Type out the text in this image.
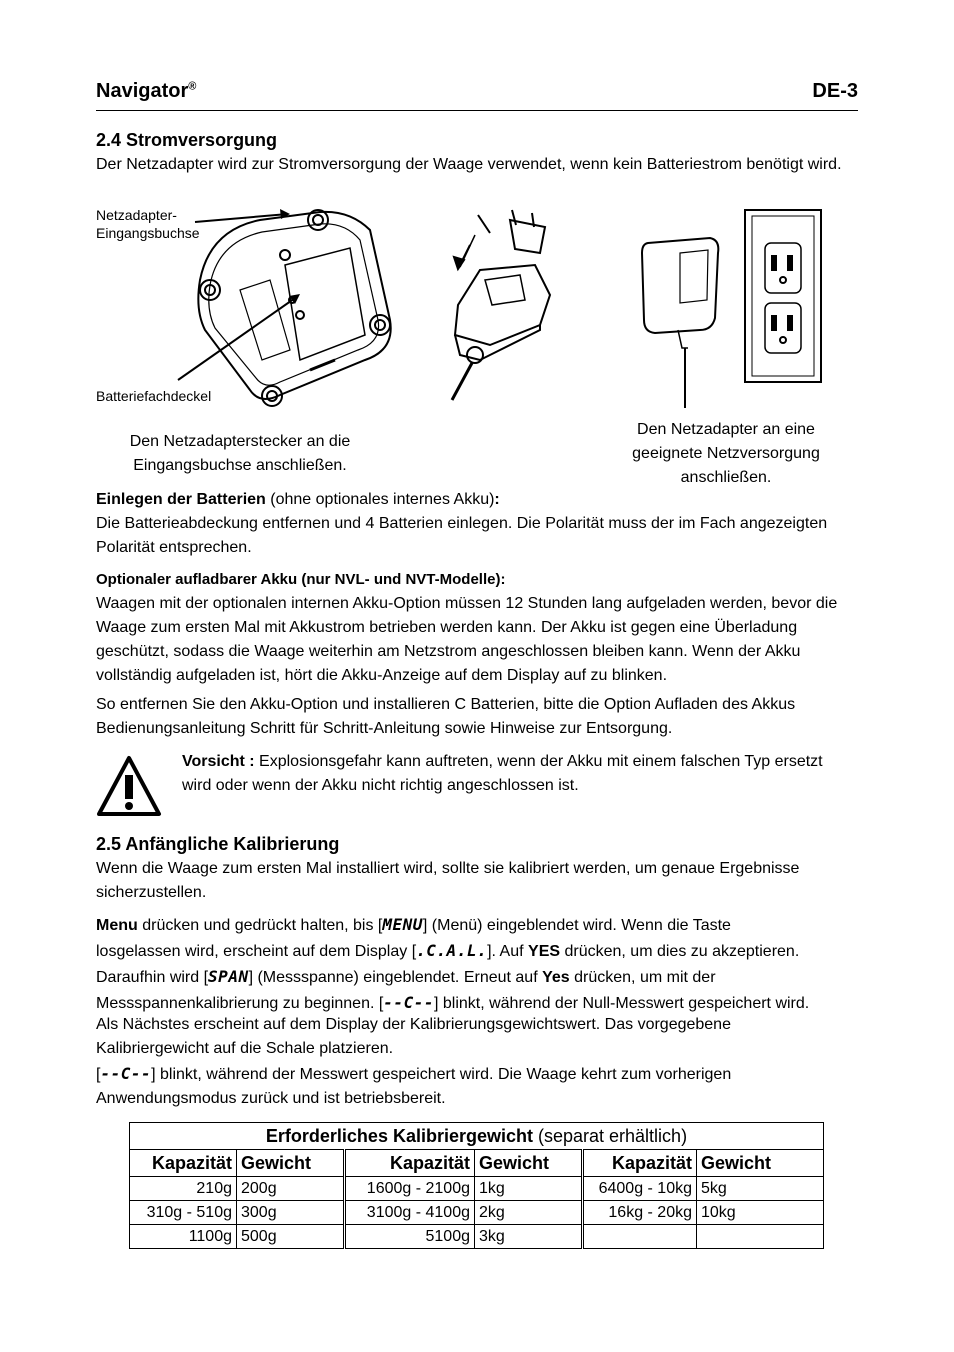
Navigator®	DE-3
2.4 Stromversorgung
Der Netzadapter wird zur Stromversorgung der Waage verwendet, wenn kein Batteriestrom benötigt wird.
Netzadapter-
Eingangsbuchse
Batteriefachdeckel
Den Netzadapterstecker an die
Eingangsbuchse anschließen.
Den Netzadapter an eine
geeignete Netzversorgung
anschließen.
Einlegen der Batterien (ohne optionales internes Akku):
Die Batterieabdeckung entfernen und 4 Batterien einlegen. Die Polarität muss der im Fach angezeigten Polarität entsprechen.
Optionaler aufladbarer Akku (nur NVL- und NVT-Modelle):
Waagen mit der optionalen internen Akku-Option müssen 12 Stunden lang aufgeladen werden, bevor die Waage zum ersten Mal mit Akkustrom betrieben werden kann. Der Akku ist gegen eine Überladung geschützt, sodass die Waage weiterhin am Netzstrom angeschlossen bleiben kann. Wenn der Akku vollständig aufgeladen ist, hört die Akku-Anzeige auf dem Display auf zu blinken.
So entfernen Sie den Akku-Option und installieren C Batterien, bitte die Option Aufladen des Akkus Bedienungsanleitung Schritt für Schritt-Anleitung sowie Hinweise zur Entsorgung.
Vorsicht : Explosionsgefahr kann auftreten, wenn der Akku mit einem falschen Typ ersetzt wird oder wenn der Akku nicht richtig angeschlossen ist.
2.5 Anfängliche Kalibrierung
Wenn die Waage zum ersten Mal installiert wird, sollte sie kalibriert werden, um genaue Ergebnisse sicherzustellen.
Menu drücken und gedrückt halten, bis [MENU] (Menü) eingeblendet wird. Wenn die Taste
losgelassen wird, erscheint auf dem Display [.C.A.L.]. Auf YES drücken, um dies zu akzeptieren.
Daraufhin wird [SPAN] (Messspanne) eingeblendet. Erneut auf Yes drücken, um mit der
Messspannenkalibrierung zu beginnen. [--C--] blinkt, während der Null-Messwert gespeichert wird.
Als Nächstes erscheint auf dem Display der Kalibrierungsgewichtswert. Das vorgegebene Kalibriergewicht auf die Schale platzieren.
[--C--] blinkt, während der Messwert gespeichert wird. Die Waage kehrt zum vorherigen Anwendungsmodus zurück und ist betriebsbereit.
Erforderliches Kalibriergewicht (separat erhältlich)					
Kapazität	Gewicht	Kapazität	Gewicht	Kapazität	Gewicht
210g	200g	1600g - 2100g	1kg	6400g - 10kg	5kg
310g - 510g	300g	3100g - 4100g	2kg	16kg - 20kg	10kg
1100g	500g	5100g	3kg		
